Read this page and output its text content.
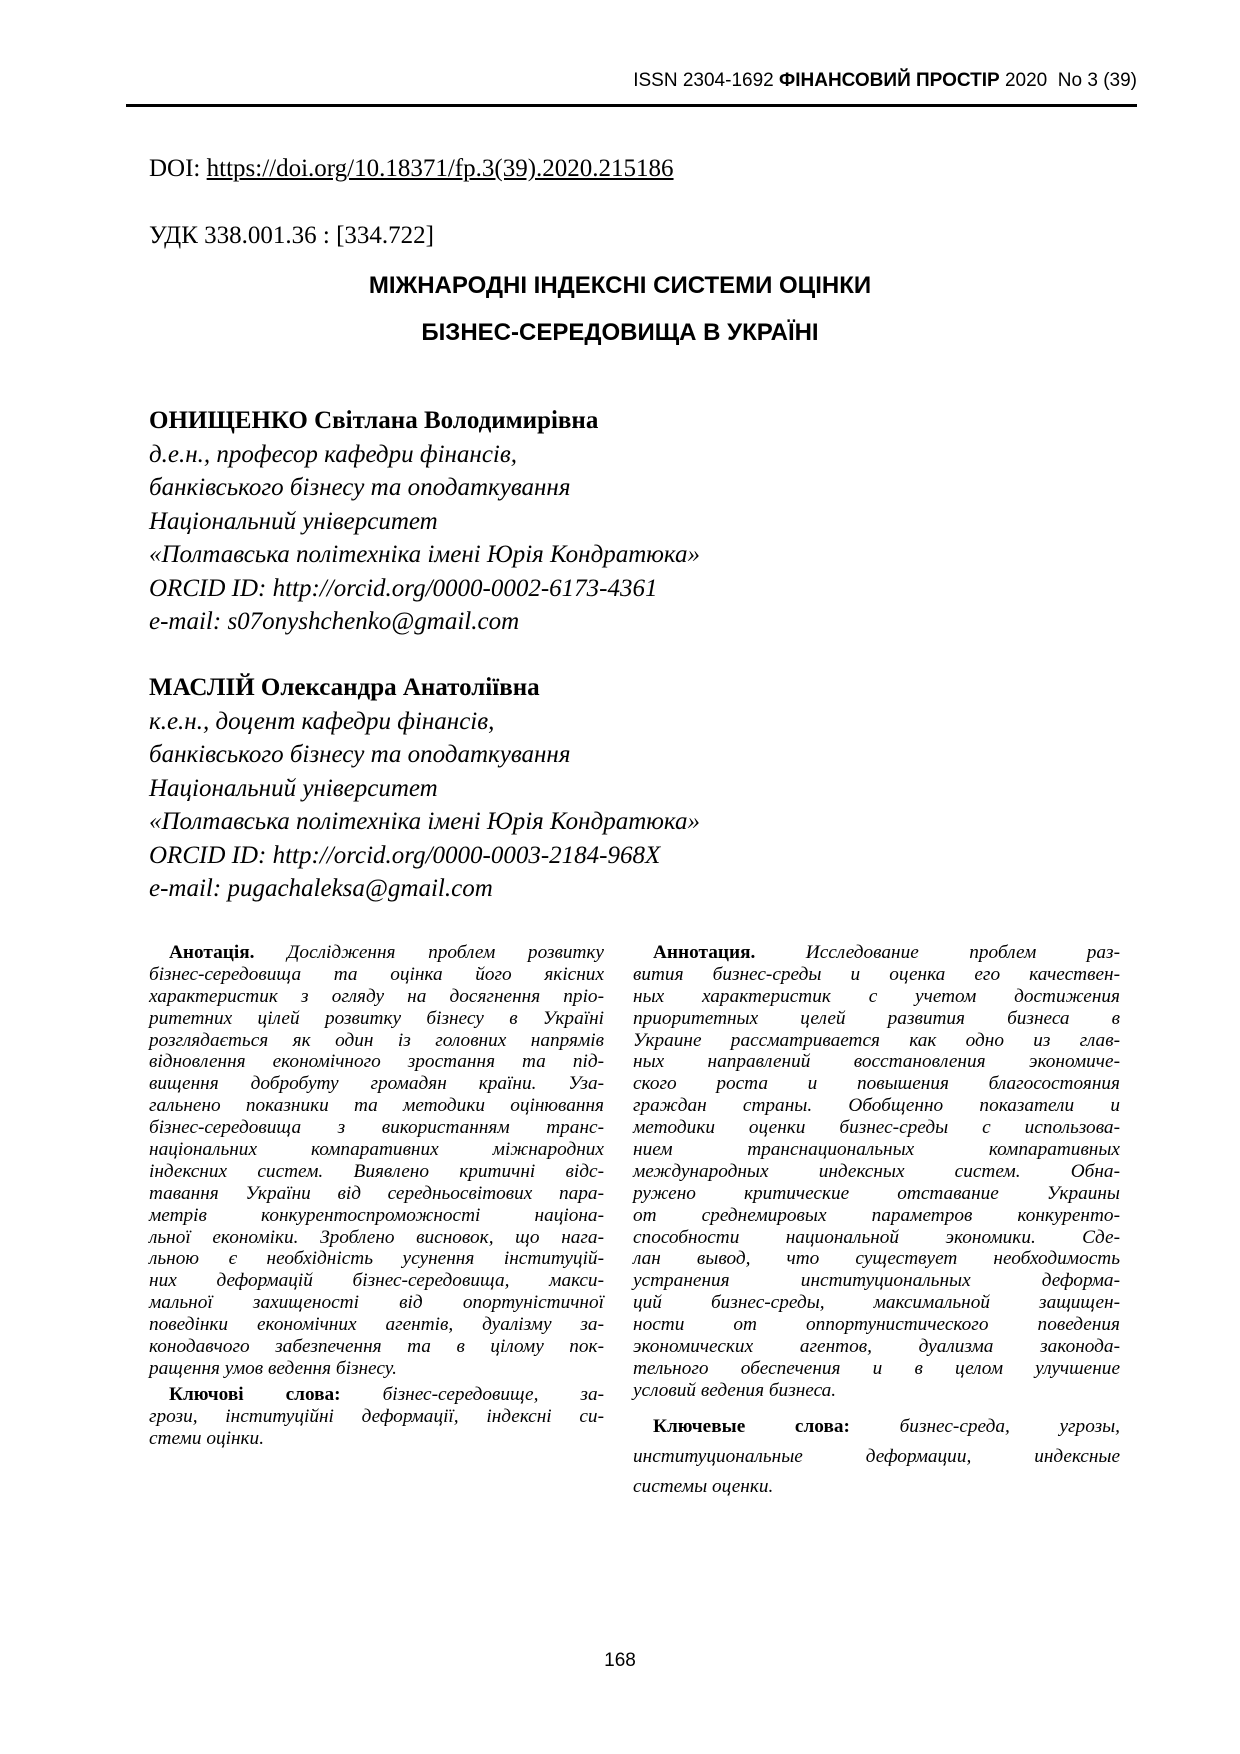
ISSN 2304-1692 ФІНАНСОВИЙ ПРОСТІР 2020 No 3 (39)
DOI: https://doi.org/10.18371/fp.3(39).2020.215186
УДК 338.001.36 : [334.722]
МІЖНАРОДНІ ІНДЕКСНІ СИСТЕМИ ОЦІНКИ
БІЗНЕС-СЕРЕДОВИЩА В УКРАЇНІ
ОНИЩЕНКО Світлана Володимирівна
д.е.н., професор кафедри фінансів,
банківського бізнесу та оподаткування
Національний університет
«Полтавська політехніка імені Юрія Кондратюка»
ORCID ID: http://orcid.org/0000-0002-6173-4361
e-mail: s07onyshchenko@gmail.com
МАСЛІЙ Олександра Анатоліївна
к.е.н., доцент кафедри фінансів,
банківського бізнесу та оподаткування
Національний університет
«Полтавська політехніка імені Юрія Кондратюка»
ORCID ID: http://orcid.org/0000-0003-2184-968X
e-mail: pugachaleksa@gmail.com
Анотація. Дослідження проблем розвитку
бізнес-середовища та оцінка його якісних
характеристик з огляду на досягнення пріо-
ритетних цілей розвитку бізнесу в Україні
розглядається як один із головних напрямів
відновлення економічного зростання та під-
вищення добробуту громадян країни. Уза-
гальнено показники та методики оцінювання
бізнес-середовища з використанням транс-
національних компаративних міжнародних
індексних систем. Виявлено критичні відс-
тавання України від середньосвітових пара-
метрів конкурентоспроможності націона-
льної економіки. Зроблено висновок, що нага-
льною є необхідність усунення інституцій-
них деформацій бізнес-середовища, макси-
мальної захищеності від опортуністичної
поведінки економічних агентів, дуалізму за-
конодавчого забезпечення та в цілому пок-
ращення умов ведення бізнесу.
Ключові слова: бізнес-середовище, за-
грози, інституційні деформації, індексні си-
стеми оцінки.
Аннотация.	Исследование проблем раз-
вития бизнес-среды и оценка его качествен-
ных характеристик с учетом достижения
приоритетных целей развития бизнеса в
Украине рассматривается как одно из глав-
ных направлений восстановления экономиче-
ского роста и повышения благосостояния
граждан страны. Обобщенно показатели и
методики оценки бизнес-среды с использова-
нием транснациональных компаративных
международных индексных систем. Обна-
ружено критические отставание Украины
от среднемировых параметров конкуренто-
способности национальной экономики. Сде-
лан вывод, что существует необходимость
устранения институциональных деформа-
ций бизнес-среды, максимальной защищен-
ности от оппортунистического поведения
экономических агентов, дуализма законода-
тельного обеспечения и в целом улучшение
условий ведения бизнеса.
Ключевые слова:	бизнес-среда, угрозы,
институциональные деформации, индексные
системы оценки.
168
